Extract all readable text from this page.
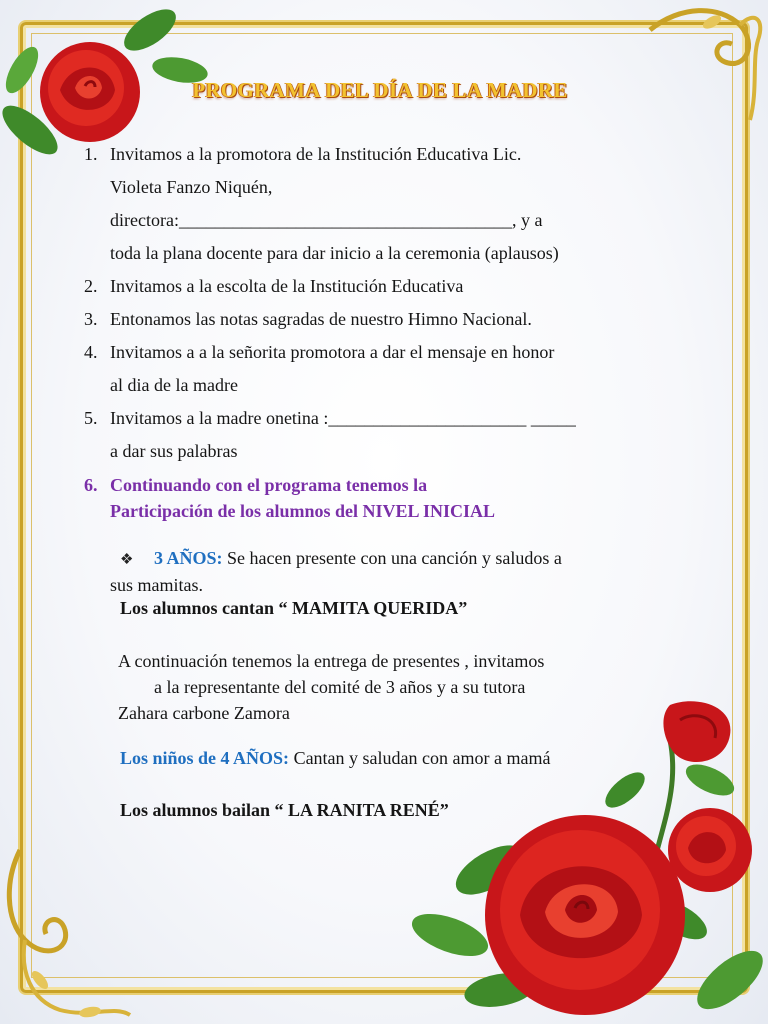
PROGRAMA DEL DÍA DE LA MADRE
1. Invitamos a la promotora de la Institución Educativa Lic.
Violeta Fanzo Niquén,
directora:_____________________________________, y a
toda la plana docente para dar inicio a la ceremonia (aplausos)
2. Invitamos a la escolta de la Institución Educativa
3. Entonamos las notas sagradas de nuestro Himno Nacional.
4. Invitamos a a la señorita promotora a dar el mensaje en honor
al dia de la madre
5. Invitamos a la madre onetina :______________________ _____
a dar sus palabras
6. Continuando con el programa tenemos la
Participación de los alumnos del NIVEL INICIAL
❖ 3 AÑOS: Se hacen presente con una canción y saludos a
sus mamitas.
Los alumnos cantan “ MAMITA QUERIDA”
A continuación tenemos la entrega de presentes , invitamos
a la representante del comité de 3 años y a su tutora
Zahara carbone Zamora
Los niños de 4 AÑOS: Cantan y saludan con amor a mamá
Los alumnos bailan “ LA RANITA RENÉ”
